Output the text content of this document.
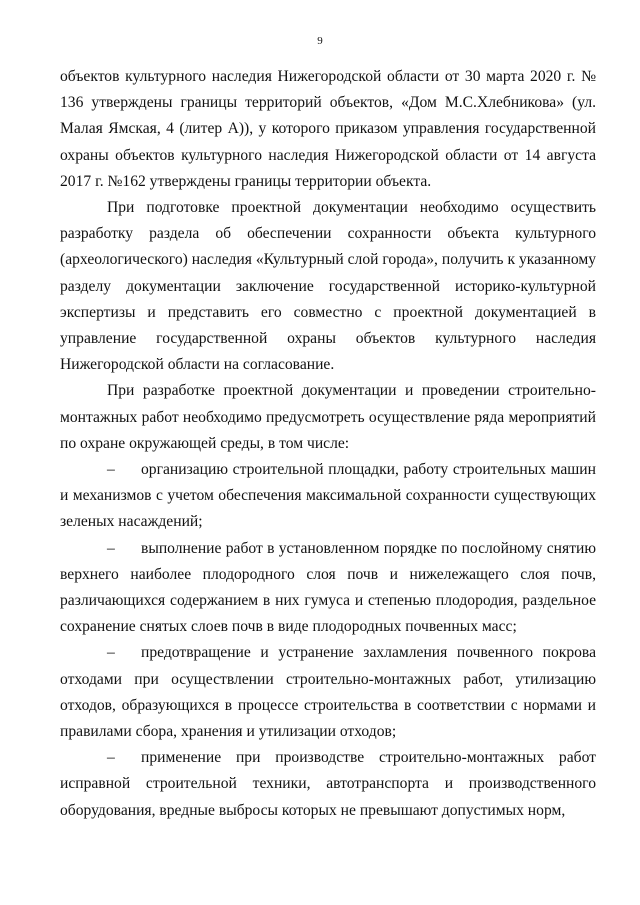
9

объектов культурного наследия Нижегородской области от 30 марта 2020 г. № 136 утверждены границы территорий объектов, «Дом М.С.Хлебникова» (ул. Малая Ямская, 4 (литер А)), у которого приказом управления государственной охраны объектов культурного наследия Нижегородской области от 14 августа 2017 г. №162 утверждены границы территории объекта.

При подготовке проектной документации необходимо осуществить разработку раздела об обеспечении сохранности объекта культурного (археологического) наследия «Культурный слой города», получить к указанному разделу документации заключение государственной историко-культурной экспертизы и представить его совместно с проектной документацией в управление государственной охраны объектов культурного наследия Нижегородской области на согласование.

При разработке проектной документации и проведении строительно-монтажных работ необходимо предусмотреть осуществление ряда мероприятий по охране окружающей среды, в том числе:

– организацию строительной площадки, работу строительных машин и механизмов с учетом обеспечения максимальной сохранности существующих зеленых насаждений;

– выполнение работ в установленном порядке по послойному снятию верхнего наиболее плодородного слоя почв и нижележащего слоя почв, различающихся содержанием в них гумуса и степенью плодородия, раздельное сохранение снятых слоев почв в виде плодородных почвенных масс;

– предотвращение и устранение захламления почвенного покрова отходами при осуществлении строительно-монтажных работ, утилизацию отходов, образующихся в процессе строительства в соответствии с нормами и правилами сбора, хранения и утилизации отходов;

– применение при производстве строительно-монтажных работ исправной строительной техники, автотранспорта и производственного оборудования, вредные выбросы которых не превышают допустимых норм,
